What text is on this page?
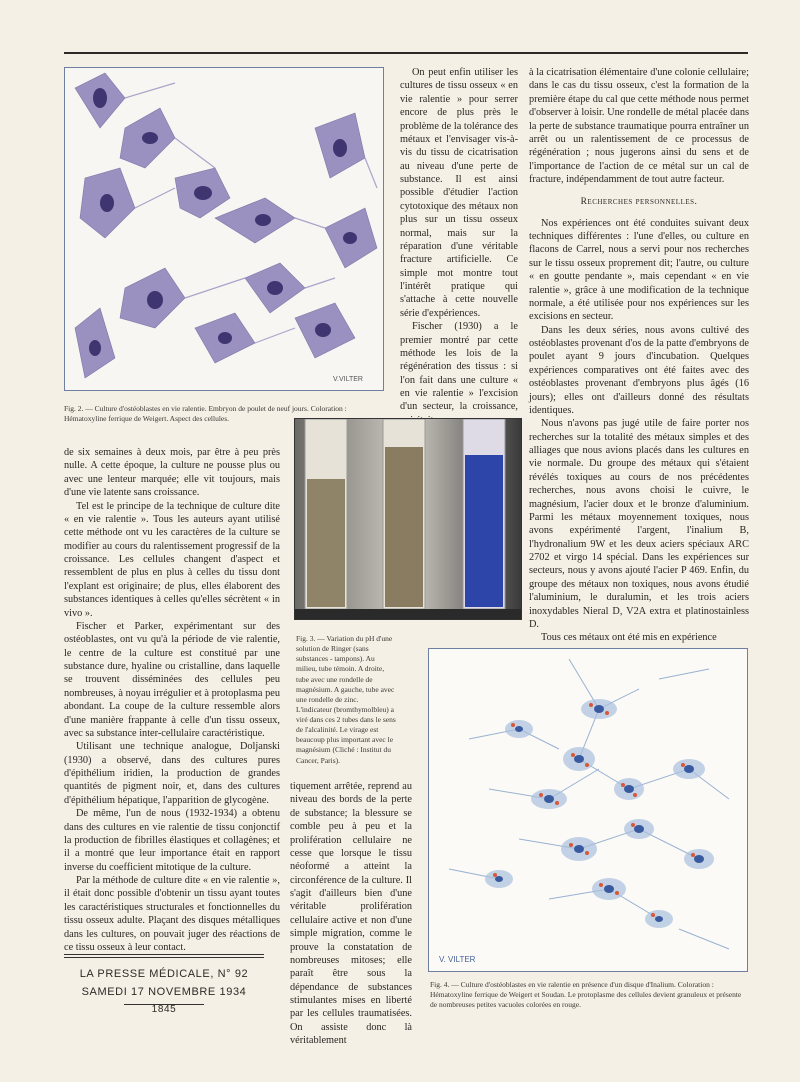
V.VILTER
Fig. 2. — Culture d'ostéoblastes en vie ralentie. Embryon de poulet de neuf jours. Coloration : Hématoxyline ferrique de Weigert. Aspect des cellules.

de six semaines à deux mois, par être à peu près nulle. A cette époque, la culture ne pousse plus ou avec une lenteur marquée; elle vit toujours, mais d'une vie latente sans croissance.

Tel est le principe de la technique de culture dite « en vie ralentie ». Tous les auteurs ayant utilisé cette méthode ont vu les caractères de la culture se modifier au cours du ralentissement progressif de la croissance. Les cellules changent d'aspect et ressemblent de plus en plus à celles du tissu dont l'explant est originaire; de plus, elles élaborent des substances identiques à celles qu'elles sécrètent « in vivo ».

Fischer et Parker, expérimentant sur des ostéoblastes, ont vu qu'à la période de vie ralentie, le centre de la culture est constitué par une substance dure, hyaline ou cristalline, dans laquelle se trouvent disséminées des cellules peu nombreuses, à noyau irrégulier et à protoplasma peu abondant. La coupe de la culture ressemble alors d'une manière frappante à celle d'un tissu osseux, avec sa substance inter-cellulaire caractéristique.

Utilisant une technique analogue, Doljanski (1930) a observé, dans des cultures pures d'épithélium iridien, la production de grandes quantités de pigment noir, et, dans des cultures d'épithélium hépatique, l'apparition de glycogène.

De même, l'un de nous (1932-1934) a obtenu dans des cultures en vie ralentie de tissu conjonctif la production de fibrilles élastiques et collagènes; et il a montré que leur importance était en rapport inverse du coefficient mitotique de la culture.

Par la méthode de culture dite « en vie ralentie », il était donc possible d'obtenir un tissu ayant toutes les caractéristiques structurales et fonctionnelles du tissu osseux adulte. Plaçant des disques métalliques dans les cultures, on pouvait juger des réactions de ce tissu osseux à leur contact.

On peut enfin utiliser les cultures de tissu osseux « en vie ralentie » pour serrer encore de plus près le problème de la tolérance des métaux et l'envisager vis-à-vis du tissu de cicatrisation au niveau d'une perte de substance. Il est ainsi possible d'étudier l'action cytotoxique des métaux non plus sur un tissu osseux normal, mais sur la réparation d'une véritable fracture artificielle. Ce simple mot montre tout l'intérêt pratique qui s'attache à cette nouvelle série d'expériences.

Fischer (1930) a le premier montré par cette méthode les lois de la régénération des tissus : si l'on fait dans une culture « en vie ralentie » l'excision d'un secteur, la croissance,

Fig. 3. — Variation du pH d'une solution de Ringer (sans substances - tampons). Au milieu, tube témoin. A droite, tube avec une rondelle de magnésium. A gauche, tube avec une rondelle de zinc. L'indicateur (bromthymolbleu) a viré dans ces 2 tubes dans le sens de l'alcalinité. Le virage est beaucoup plus important avec le magnésium (Cliché : Institut du Cancer, Paris).

tiquement arrêtée, reprend au niveau des bords de la perte de substance; la blessure se comble peu à peu et la prolifération cellulaire ne cesse que lorsque le tissu néoformé a atteint la circonférence de la culture. Il s'agit d'ailleurs bien d'une véritable prolifération cellulaire active et non d'une simple migration, comme le prouve la constatation de nombreuses mitoses; elle paraît être sous la dépendance de substances stimulantes mises en liberté par les cellules traumatisées. On assiste donc là véritablement

à la cicatrisation élémentaire d'une colonie cellulaire; dans le cas du tissu osseux, c'est la formation de la première étape du cal que cette méthode nous permet d'observer à loisir. Une rondelle de métal placée dans la perte de substance traumatique pourra entraîner un arrêt ou un ralentissement de ce processus de régénération ; nous jugerons ainsi du sens et de l'importance de l'action de ce métal sur un cal de fracture, indépendamment de tout autre facteur.

Recherches personnelles.

Nos expériences ont été conduites suivant deux techniques différentes : l'une d'elles, ou culture en flacons de Carrel, nous a servi pour nos recherches sur le tissu osseux proprement dit; l'autre, ou culture « en goutte pendante », mais cependant « en vie ralentie », grâce à une modification de la technique normale, a été utilisée pour nos expériences sur les excisions en secteur.

Dans les deux séries, nous avons cultivé des ostéoblastes provenant d'os de la patte d'embryons de poulet ayant 9 jours d'incubation. Quelques expériences comparatives ont été faites avec des ostéoblastes provenant d'embryons plus âgés (16 jours); elles ont d'ailleurs donné des résultats identiques.

Nous n'avons pas jugé utile de faire porter nos recherches sur la totalité des métaux simples et des alliages que nous avions placés dans les cultures en vie normale. Du groupe des métaux qui s'étaient révélés toxiques au cours de nos précédentes recherches, nous avons choisi le cuivre, le magnésium, l'acier doux et le bronze d'aluminium. Parmi les métaux moyennement toxiques, nous avons expérimenté l'argent, l'inalium B, l'hydronalium 9W et les deux aciers spéciaux ARC 2702 et virgo 14 spécial. Dans les expériences sur secteurs, nous y avons ajouté l'acier P 469. Enfin, du groupe des métaux non toxiques, nous avons étudié l'aluminium, le duralumin, et les trois aciers inoxydables Nieral D, V2A extra et platinostainless D.

Tous ces métaux ont été mis en expérience

V. VILTER
Fig. 4. — Culture d'ostéoblastes en vie ralentie en présence d'un disque d'Inalium. Coloration : Hématoxyline ferrique de Weigert et Soudan. Le protoplasme des cellules devient granuleux et présente de nombreuses petites vacuoles colorées en rouge.
LA PRESSE MÉDICALE, N° 92
SAMEDI 17 NOVEMBRE 1934
1845
